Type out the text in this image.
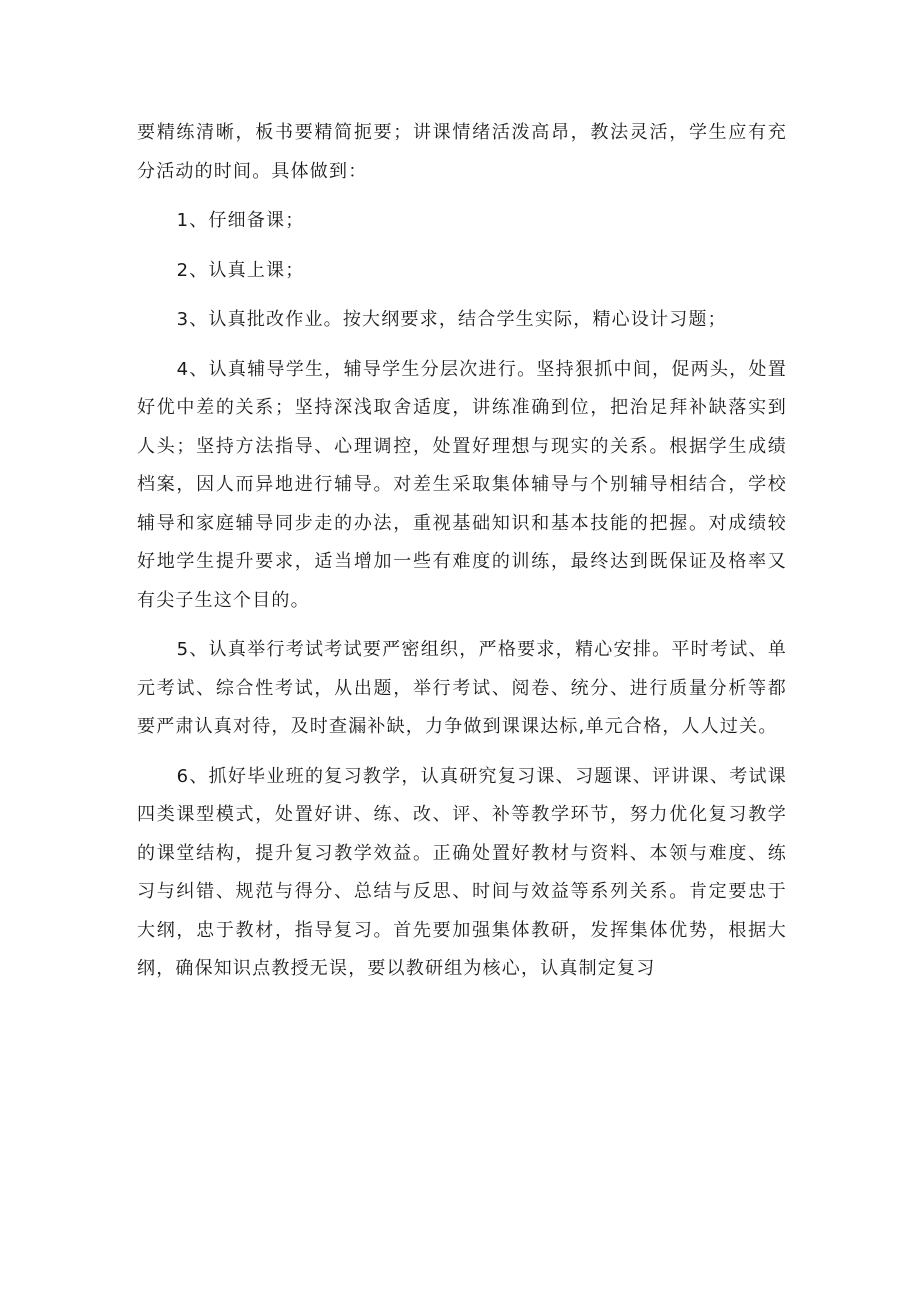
要精练清晰，板书要精简扼要；讲课情绪活泼高昂，教法灵活，学生应有充分活动的时间。具体做到：

1、仔细备课；

2、认真上课；

3、认真批改作业。按大纲要求，结合学生实际，精心设计习题；

4、认真辅导学生，辅导学生分层次进行。坚持狠抓中间，促两头，处置好优中差的关系；坚持深浅取舍适度，讲练准确到位，把治足拜补缺落实到人头；坚持方法指导、心理调控，处置好理想与现实的关系。根据学生成绩档案，因人而异地进行辅导。对差生采取集体辅导与个别辅导相结合，学校辅导和家庭辅导同步走的办法，重视基础知识和基本技能的把握。对成绩较好地学生提升要求，适当增加一些有难度的训练，最终达到既保证及格率又有尖子生这个目的。

5、认真举行考试考试要严密组织，严格要求，精心安排。平时考试、单元考试、综合性考试，从出题，举行考试、阅卷、统分、进行质量分析等都要严肃认真对待，及时查漏补缺，力争做到课课达标,单元合格，人人过关。

6、抓好毕业班的复习教学，认真研究复习课、习题课、评讲课、考试课四类课型模式，处置好讲、练、改、评、补等教学环节，努力优化复习教学的课堂结构，提升复习教学效益。正确处置好教材与资料、本领与难度、练习与纠错、规范与得分、总结与反思、时间与效益等系列关系。肯定要忠于大纲，忠于教材，指导复习。首先要加强集体教研，发挥集体优势，根据大纲，确保知识点教授无误，要以教研组为核心，认真制定复习
